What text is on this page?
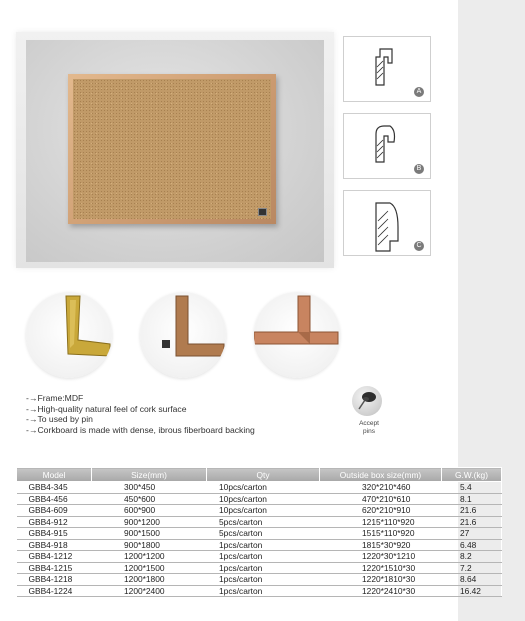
A
B
C
-→ Frame:MDF
-→ High-quality natural feel of cork surface
-→ To used by pin
-→ Corkboard is made with dense, ibrous fiberboard backing
Accept
pins
Model	Size(mm)	Qty	Outside box size(mm)	G.W.(kg)
GBB4-345	300*450	10pcs/carton	320*210*460	5.4
GBB4-456	450*600	10pcs/carton	470*210*610	8.1
GBB4-609	600*900	10pcs/carton	620*210*910	21.6
GBB4-912	900*1200	5pcs/carton	1215*110*920	21.6
GBB4-915	900*1500	5pcs/carton	1515*110*920	27
GBB4-918	900*1800	1pcs/carton	1815*30*920	6.48
GBB4-1212	1200*1200	1pcs/carton	1220*30*1210	8.2
GBB4-1215	1200*1500	1pcs/carton	1220*1510*30	7.2
GBB4-1218	1200*1800	1pcs/carton	1220*1810*30	8.64
GBB4-1224	1200*2400	1pcs/carton	1220*2410*30	16.42
